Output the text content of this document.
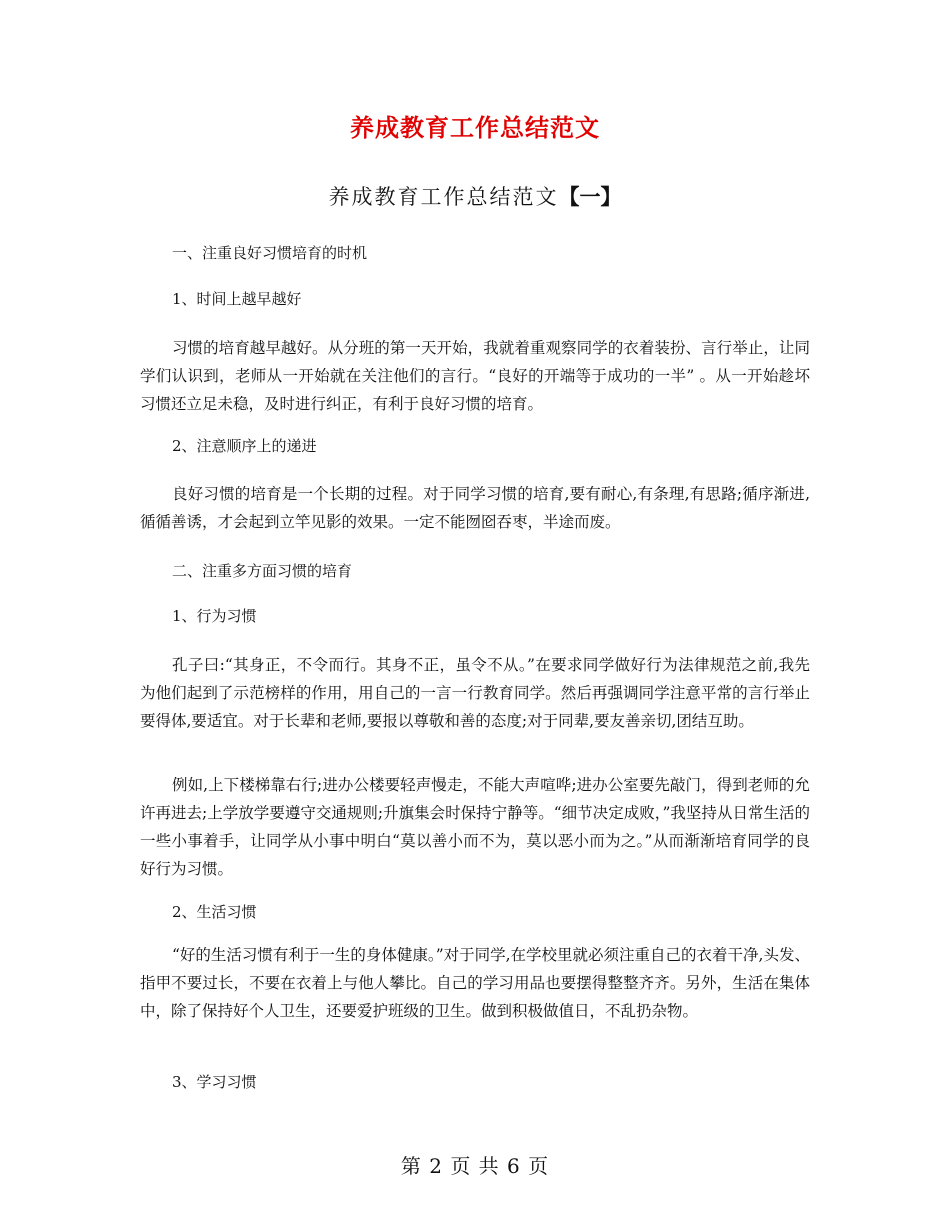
养成教育工作总结范文
养成教育工作总结范文【一】
一、注重良好习惯培育的时机
1、时间上越早越好
习惯的培育越早越好。从分班的第一天开始，我就着重观察同学的衣着装扮、言行举止，让同学们认识到，老师从一开始就在关注他们的言行。“良好的开端等于成功的一半” 。从一开始趁坏习惯还立足未稳，及时进行纠正，有利于良好习惯的培育。
2、注意顺序上的递进
良好习惯的培育是一个长期的过程。对于同学习惯的培育,要有耐心,有条理,有思路;循序渐进,循循善诱，才会起到立竿见影的效果。一定不能囫囵吞枣，半途而废。
二、注重多方面习惯的培育
1、行为习惯
孔子曰:“其身正，不令而行。其身不正，虽令不从。”在要求同学做好行为法律规范之前,我先为他们起到了示范榜样的作用，用自己的一言一行教育同学。然后再强调同学注意平常的言行举止要得体,要适宜。对于长辈和老师,要报以尊敬和善的态度;对于同辈,要友善亲切,团结互助。
例如,上下楼梯靠右行;进办公楼要轻声慢走，不能大声喧哗;进办公室要先敲门，得到老师的允许再进去;上学放学要遵守交通规则;升旗集会时保持宁静等。“细节决定成败，”我坚持从日常生活的一些小事着手，让同学从小事中明白“莫以善小而不为，莫以恶小而为之。”从而渐渐培育同学的良好行为习惯。
2、生活习惯
“好的生活习惯有利于一生的身体健康。”对于同学,在学校里就必须注重自己的衣着干净,头发、指甲不要过长，不要在衣着上与他人攀比。自己的学习用品也要摆得整整齐齐。另外，生活在集体中，除了保持好个人卫生，还要爱护班级的卫生。做到积极做值日，不乱扔杂物。
3、学习习惯
第 2 页 共 6 页
